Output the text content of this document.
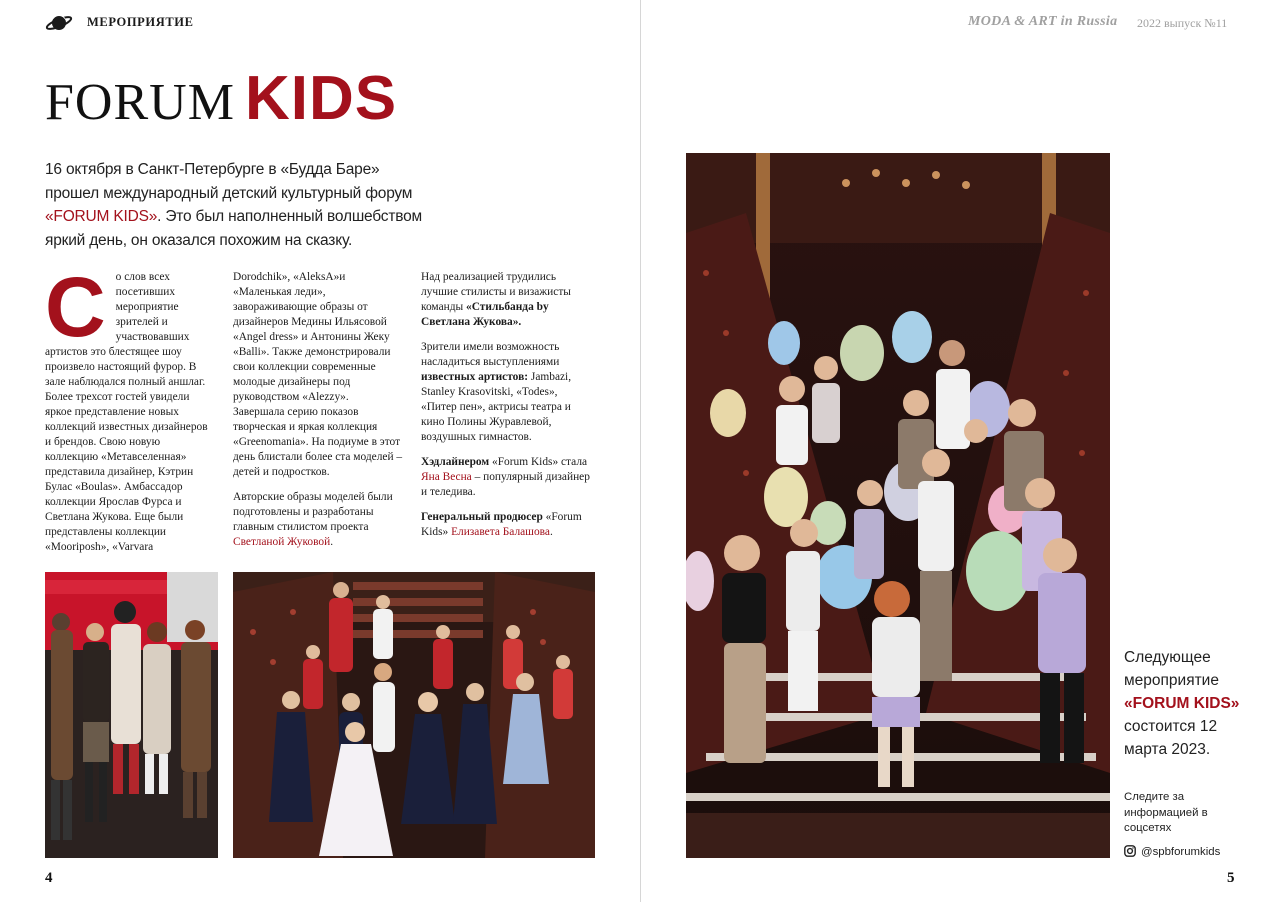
МЕРОПРИЯТИЕ
FORUM KIDS
16 октября в Санкт-Петербурге в «Будда Баре» прошел международный детский культурный форум «FORUM KIDS». Это был наполненный волшебством яркий день, он оказался похожим на сказку.
Со слов всех посетивших мероприятие зрителей и участвовавших артистов это блестящее шоу произвело настоящий фурор. В зале наблюдался полный аншлаг. Более трехсот гостей увидели яркое представление новых коллекций известных дизайнеров и брендов. Свою новую коллекцию «Метавселенная» представила дизайнер, Кэтрин Булас «Boulas». Амбассадор коллекции Ярослав Фурса и Светлана Жукова. Еще были представлены коллекции «Mooriposh», «Varvara

Dorodchik», «AleksA»и «Маленькая леди», завораживающие образы от дизайнеров Медины Ильясовой «Angel dress» и Антонины Жеку «Balli». Также демонстрировали свои коллекции современные молодые дизайнеры под руководством «Alezzy». Завершала серию показов творческая и яркая коллекция «Greenomania». На подиуме в этот день блистали более ста моделей – детей и подростков.

Авторские образы моделей были подготовлены и разработаны главным стилистом проекта Светланой Жуковой.

Над реализацией трудились лучшие стилисты и визажисты команды «Стильбанда by Светлана Жукова».

Зрители имели возможность насладиться выступлениями известных артистов: Jambazi, Stanley Krasovitski, «Todes», «Питер пен», актрисы театра и кино Полины Журавлевой, воздушных гимнастов.

Хэдлайнером «Forum Kids» стала Яна Весна – популярный дизайнер и теледива.

Генеральный продюсер «Forum Kids» Елизавета Балашова.

4
MODA & ART in Russia 2022 выпуск №11
Следующее мероприятие «FORUM KIDS» состоится 12 марта 2023.
Следите за информацией в соцсетях
@spbforumkids
5
